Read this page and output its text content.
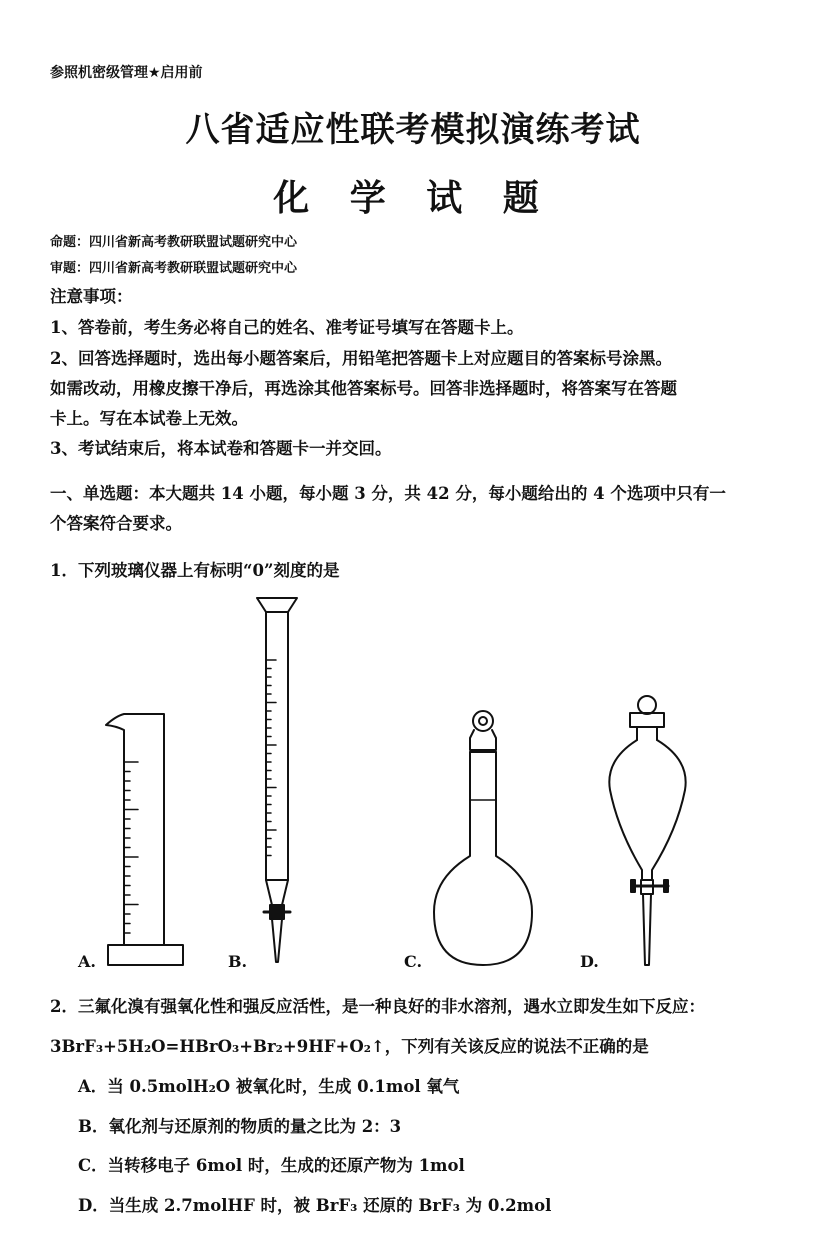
参照机密级管理★启用前
八省适应性联考模拟演练考试
化 学 试 题
命题：四川省新高考教研联盟试题研究中心
审题：四川省新高考教研联盟试题研究中心
注意事项：
1、答卷前，考生务必将自己的姓名、准考证号填写在答题卡上。
2、回答选择题时，选出每小题答案后，用铅笔把答题卡上对应题目的答案标号涂黑。
如需改动，用橡皮擦干净后，再选涂其他答案标号。回答非选择题时，将答案写在答题
卡上。写在本试卷上无效。
3、考试结束后，将本试卷和答题卡一并交回。
一、单选题：本大题共 14 小题，每小题 3 分，共 42 分，每小题给出的 4 个选项中只有一
个答案符合要求。
1．下列玻璃仪器上有标明“0”刻度的是
A.	B.	C.	D.
2．三氟化溴有强氧化性和强反应活性，是一种良好的非水溶剂，遇水立即发生如下反应：
3BrF₃+5H₂O=HBrO₃+Br₂+9HF+O₂↑，下列有关该反应的说法不正确的是
A．当 0.5molH₂O 被氧化时，生成 0.1mol 氧气
B．氧化剂与还原剂的物质的量之比为 2：3
C．当转移电子 6mol 时，生成的还原产物为 1mol
D．当生成 2.7molHF 时，被 BrF₃ 还原的 BrF₃ 为 0.2mol
